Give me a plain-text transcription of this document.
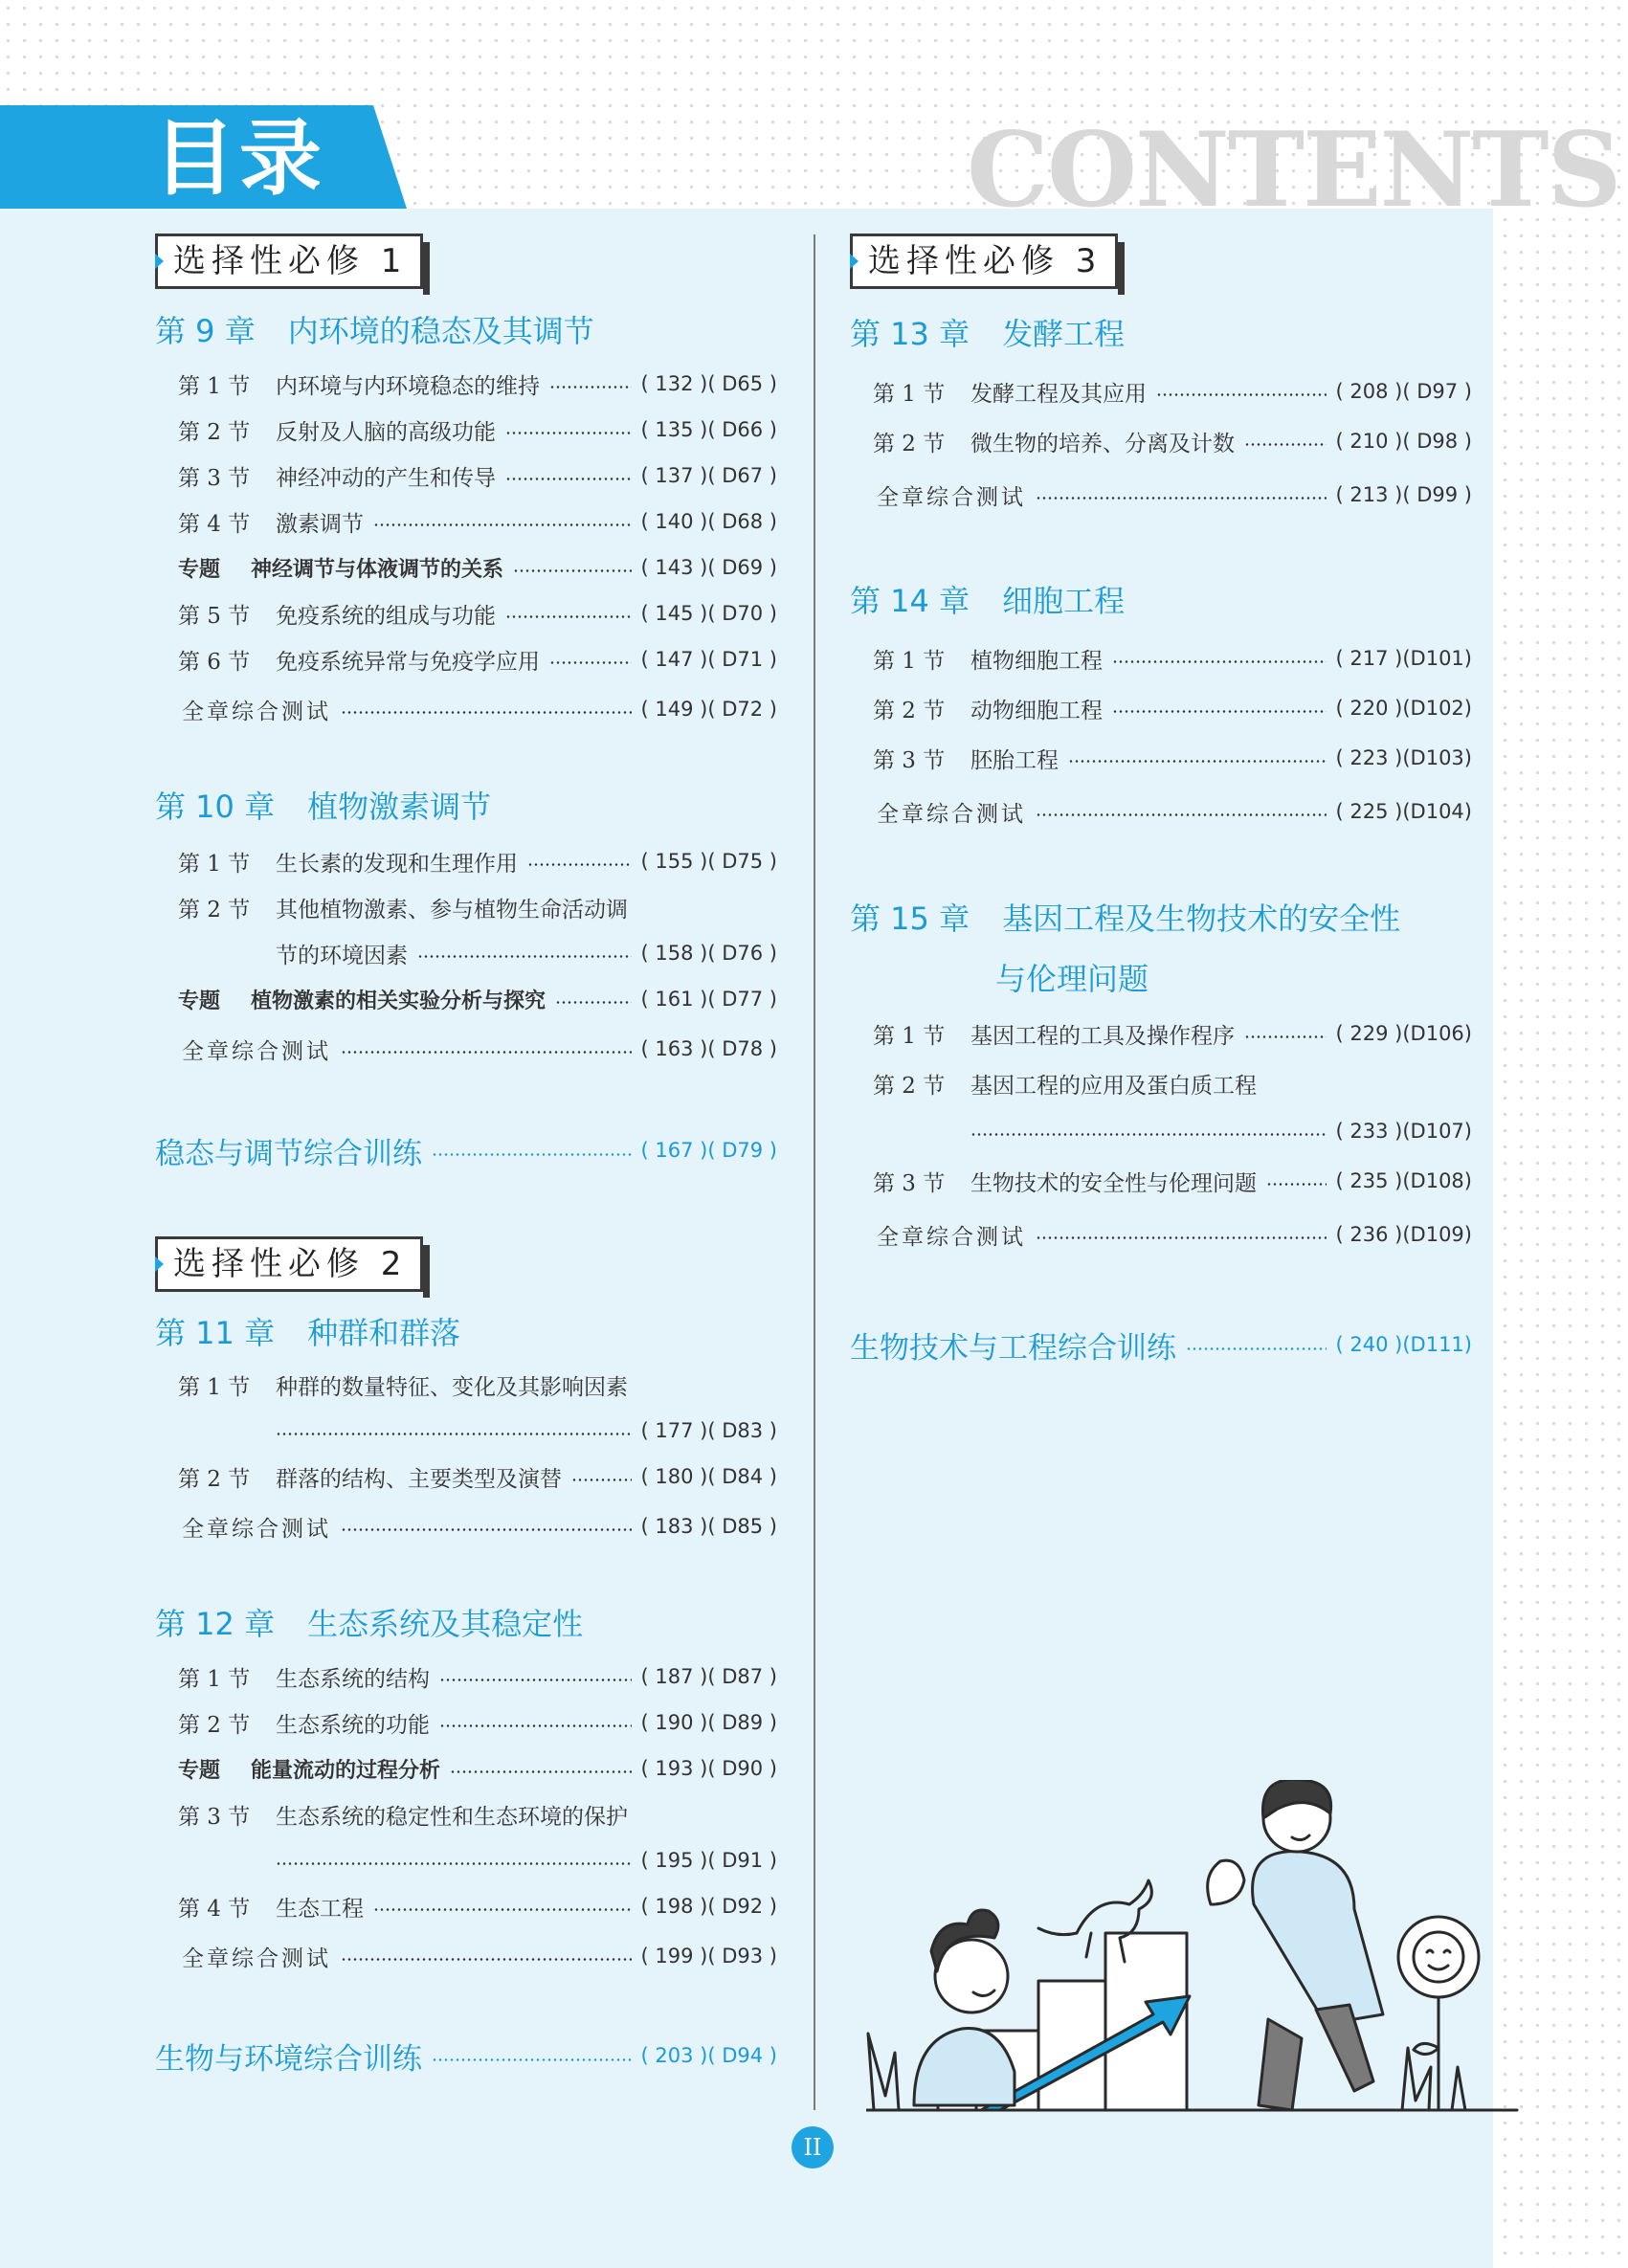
目录	CONTENTS
选择性必修 1
第 9 章 内环境的稳态及其调节
第 1 节	内环境与内环境稳态的维持	( 132 )( D65 )
第 2 节	反射及人脑的高级功能	( 135 )( D66 )
第 3 节	神经冲动的产生和传导	( 137 )( D67 )
第 4 节	激素调节	( 140 )( D68 )
专题	神经调节与体液调节的关系	( 143 )( D69 )
第 5 节	免疫系统的组成与功能	( 145 )( D70 )
第 6 节	免疫系统异常与免疫学应用	( 147 )( D71 )
全章综合测试	( 149 )( D72 )
第 10 章 植物激素调节
第 1 节	生长素的发现和生理作用	( 155 )( D75 )
第 2 节	其他植物激素、参与植物生命活动调
节的环境因素	( 158 )( D76 )
专题	植物激素的相关实验分析与探究	( 161 )( D77 )
全章综合测试	( 163 )( D78 )
稳态与调节综合训练	( 167 )( D79 )
选择性必修 2
第 11 章 种群和群落
第 1 节	种群的数量特征、变化及其影响因素
( 177 )( D83 )
第 2 节	群落的结构、主要类型及演替	( 180 )( D84 )
全章综合测试	( 183 )( D85 )
第 12 章 生态系统及其稳定性
第 1 节	生态系统的结构	( 187 )( D87 )
第 2 节	生态系统的功能	( 190 )( D89 )
专题	能量流动的过程分析	( 193 )( D90 )
第 3 节	生态系统的稳定性和生态环境的保护
( 195 )( D91 )
第 4 节	生态工程	( 198 )( D92 )
全章综合测试	( 199 )( D93 )
生物与环境综合训练	( 203 )( D94 )
选择性必修 3
第 13 章 发酵工程
第 1 节	发酵工程及其应用	( 208 )( D97 )
第 2 节	微生物的培养、分离及计数	( 210 )( D98 )
全章综合测试	( 213 )( D99 )
第 14 章 细胞工程
第 1 节	植物细胞工程	( 217 )(D101)
第 2 节	动物细胞工程	( 220 )(D102)
第 3 节	胚胎工程	( 223 )(D103)
全章综合测试	( 225 )(D104)
第 15 章 基因工程及生物技术的安全性
与伦理问题
第 1 节	基因工程的工具及操作程序	( 229 )(D106)
第 2 节	基因工程的应用及蛋白质工程
( 233 )(D107)
第 3 节	生物技术的安全性与伦理问题	( 235 )(D108)
全章综合测试	( 236 )(D109)
生物技术与工程综合训练	( 240 )(D111)
II
